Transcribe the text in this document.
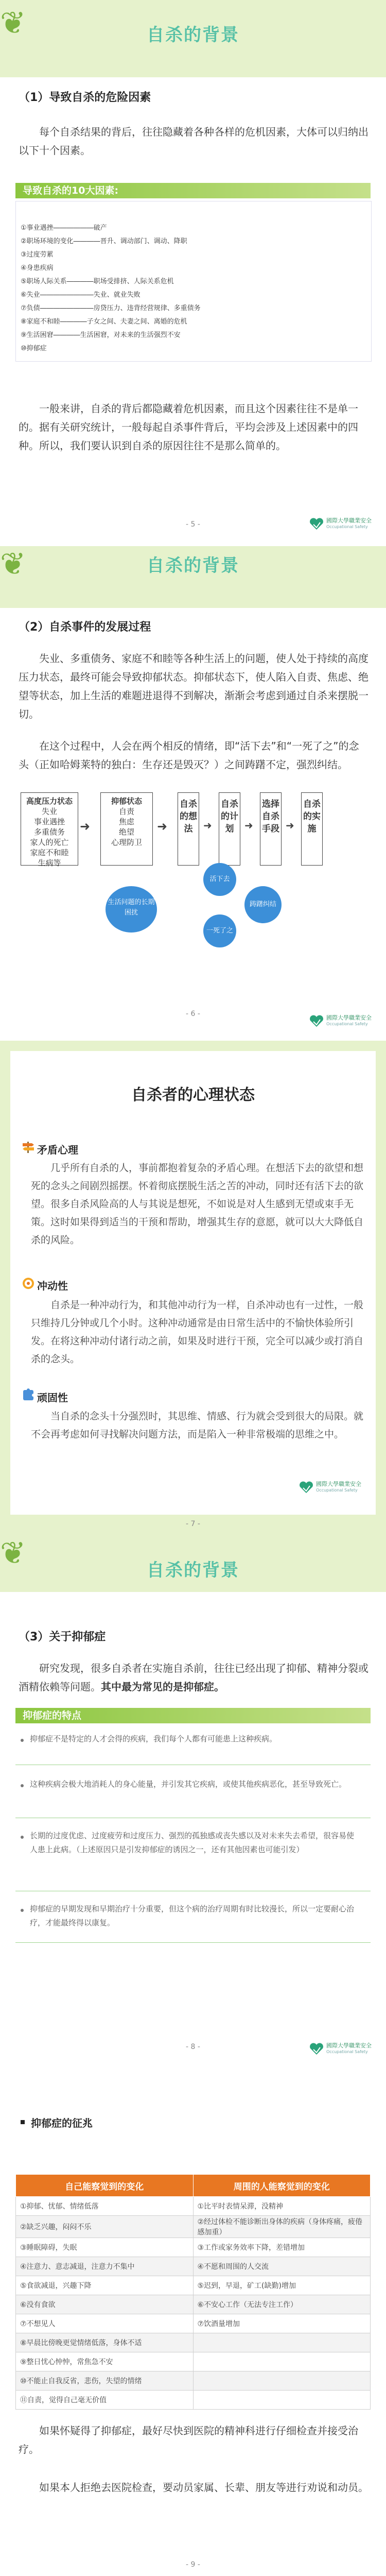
❦	自杀的背景
（1）导致自杀的危险因素
每个自杀结果的背后，往往隐藏着各种各样的危机因素，大体可以归纳出以下十个因素。
导致自杀的10大因素:
①事业遇挫――――――破产
②职场环境的变化――――晋升、调动部门、调动、降职
③过度劳累
④身患疾病
⑤职场人际关系――――职场受排挤、人际关系危机
⑥失业――――――――失业、就业失败
⑦负债――――――――房贷压力、违背经营规律、多重债务
⑧家庭不和睦――――子女之间、夫妻之间、离婚的危机
⑨生活困窘――――生活困窘，对未来的生活强烈不安
⑩抑郁症
一般来讲，自杀的背后都隐藏着危机因素，而且这个因素往往不是单一的。据有关研究统计，一般每起自杀事件背后，平均会涉及上述因素中的四种。所以，我们要认识到自杀的原因往往不是那么简单的。
- 5 -	國際大學職業安全
Occupational Safety
❦	自杀的背景
（2）自杀事件的发展过程
失业、多重债务、家庭不和睦等各种生活上的问题，使人处于持续的高度压力状态，最终可能会导致抑郁状态。抑郁状态下，使人陷入自责、焦虑、绝望等状态，加上生活的难题进退得不到解决，渐渐会考虑到通过自杀来摆脱一切。
在这个过程中，人会在两个相反的情绪，即“活下去”和“一死了之”的念头（正如哈姆莱特的独白：生存还是毁灭？）之间踌躇不定，强烈纠结。
高度压力状态
失业
事业遇挫
多重债务
家人的死亡
家庭不和睦
生病等
➜
抑郁状态
自责
焦虑
绝望
心理防卫
➜
自杀的想法	➜
自杀的计划	➜
选择自杀手段 ➜
自杀的实施
生活问题的长期困扰
活下去
踌躇纠结
一死了之
- 6 -	國際大學職業安全
Occupational Safety
自杀者的心理状态
矛盾心理
几乎所有自杀的人，事前都抱着复杂的矛盾心理。在想活下去的欲望和想死的念头之间剧烈摇摆。怀着彻底摆脱生活之苦的冲动，同时还有活下去的欲望。很多自杀风险高的人与其说是想死，不如说是对人生感到无望或束手无策。这时如果得到适当的干预和帮助，增强其生存的意愿，就可以大大降低自杀的风险。
冲动性
自杀是一种冲动行为，和其他冲动行为一样，自杀冲动也有一过性，一般只维持几分钟或几个小时。这种冲动通常是由日常生活中的不愉快体验所引发。在将这种冲动付诸行动之前，如果及时进行干预，完全可以减少或打消自杀的念头。
顽固性
当自杀的念头十分强烈时，其思维、情感、行为就会受到很大的局限。就不会再考虑如何寻找解决问题方法，而是陷入一种非常极端的思维之中。
國際大學職業安全
Occupational Safety
- 7 -
❦	自杀的背景
（3）关于抑郁症
研究发现，很多自杀者在实施自杀前，往往已经出现了抑郁、精神分裂或酒精依赖等问题。其中最为常见的是抑郁症。
抑郁症的特点
抑郁症不是特定的人才会得的疾病，我们每个人都有可能患上这种疾病。
这种疾病会极大地消耗人的身心能量，并引发其它疾病，或使其他疾病恶化，甚至导致死亡。
长期的过度优虑、过度疲劳和过度压力、强烈的孤独感或丧失感以及对未来失去希望，很容易使人患上此病。（上述原因只是引发抑郁症的诱因之一，还有其他因素也可能引发）
抑郁症的早期发现和早期治疗十分重要，但这个病的治疗周期有时比较漫长，所以一定要耐心治疗，才能最终得以康复。
- 8 -	國際大學職業安全
Occupational Safety
抑郁症的征兆
自己能察觉到的变化	周围的人能察觉到的变化
①抑郁、忧郁、情绪低落	①比平时表情呆滞，没精神
②缺乏兴趣，闷闷不乐	②经过体检不能诊断出身体的疾病（身体疼痛，疲倦感加重）
③睡眠障碍，失眠	③工作或家务效率下降，差错增加
④注意力、意志减退，注意力不集中	④不愿和周围的人交流
⑤食欲减退，兴趣下降	⑤迟到，早退，矿工(缺勤)增加
⑥没有食欲	⑥不安心工作（无法专注工作）
⑦不想见人	⑦饮酒量增加
⑧早晨比傍晚更觉情绪低落，身体不适	
⑨整日忧心忡忡，常焦急不安	
⑩不能止自我反省，悲伤，失望的情绪	
⑪自责，觉得自己毫无价值	
如果怀疑得了抑郁症，最好尽快到医院的精神科进行仔细检查并接受治疗。
如果本人拒绝去医院检查，要动员家属、长辈、朋友等进行劝说和动员。
- 9 -
